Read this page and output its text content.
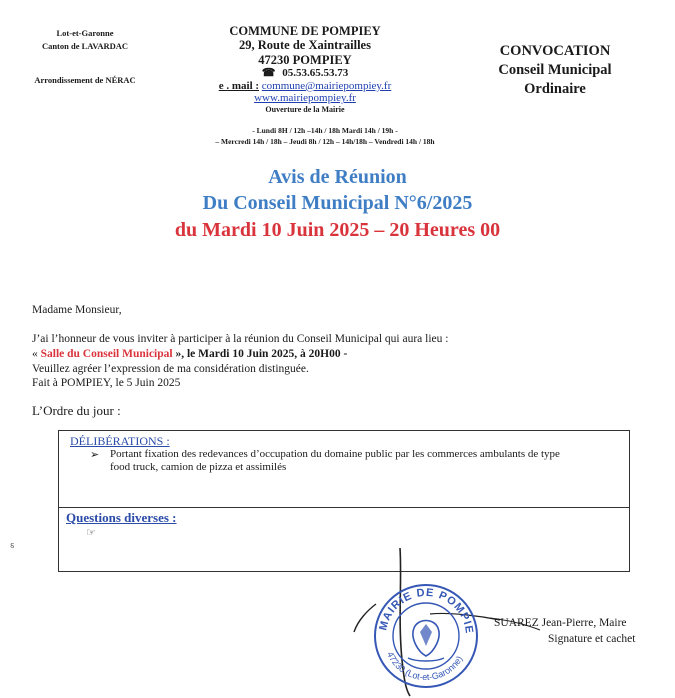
Lot-et-Garonne
Canton de LAVARDAC
Arrondissement de NÉRAC
COMMUNE DE POMPIEY
29, Route de Xaintrailles
47230 POMPIEY
☎ 05.53.65.53.73
e . mail : commune@mairiepompiey.fr
www.mairiepompiey.fr
Ouverture de la Mairie
- Lundi 8H / 12h –14h / 18h Mardi 14h / 19h -
– Mercredi 14h / 18h – Jeudi 8h / 12h – 14h/18h – Vendredi 14h / 18h
CONVOCATION
Conseil Municipal
Ordinaire
Avis de Réunion
Du Conseil Municipal N°6/2025
du Mardi 10 Juin 2025 – 20 Heures 00
Madame Monsieur,
J’ai l’honneur de vous inviter à participer à la réunion du Conseil Municipal qui aura lieu :
« Salle du Conseil Municipal », le Mardi 10 Juin 2025, à 20H00 -
Veuillez agréer l’expression de ma considération distinguée.
Fait à POMPIEY, le 5 Juin 2025
L’Ordre du jour :
DÉLIBÉRATIONS :
➢ Portant fixation des redevances d’occupation du domaine public par les commerces ambulants de type
food truck, camion de pizza et assimilés
Questions diverses :
☞
⸹
MAIRIE DE POMPIE
47230 (Lot-et-Garonne)
SUAREZ Jean-Pierre, Maire
Signature et cachet
